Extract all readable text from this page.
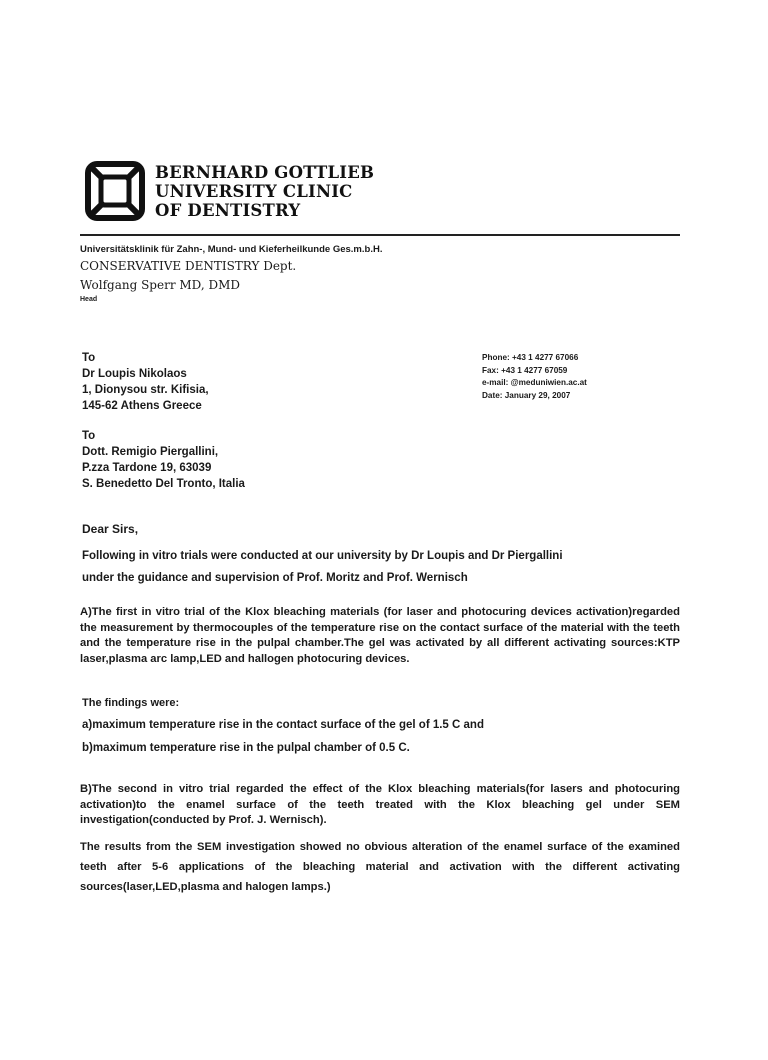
BERNHARD GOTTLIEB
UNIVERSITY CLINIC
OF DENTISTRY
Universitätsklinik für Zahn-, Mund- und Kieferheilkunde Ges.m.b.H.
CONSERVATIVE DENTISTRY Dept.
Wolfgang Sperr MD, DMD
Head
To
Dr Loupis Nikolaos
1, Dionysou str. Kifisia,
145-62 Athens Greece
Phone: +43 1 4277 67066
Fax: +43 1 4277 67059
e-mail: @meduniwien.ac.at
Date: January 29, 2007
To
Dott. Remigio Piergallini,
P.zza Tardone 19, 63039
S. Benedetto Del Tronto, Italia
Dear Sirs,
Following in vitro trials were conducted at our university by Dr Loupis and Dr Piergallini
under the guidance and supervision of Prof. Moritz and Prof. Wernisch
A)The first in vitro trial of the Klox bleaching materials (for laser and photocuring devices activation)regarded the measurement by thermocouples of the temperature rise on the contact surface of the material with the teeth and the temperature rise in the pulpal chamber.The gel was activated by all different activating sources:KTP laser,plasma arc lamp,LED and hallogen photocuring devices.
The findings were:
a)maximum temperature rise in the contact surface of the gel of 1.5 C and
b)maximum temperature rise in the pulpal chamber of 0.5 C.
B)The second in vitro trial regarded the effect of the Klox bleaching materials(for lasers and photocuring activation)to the enamel surface of the teeth treated with the Klox bleaching gel under SEM investigation(conducted by Prof. J. Wernisch).
The results from the SEM investigation showed no obvious alteration of the enamel surface of the examined teeth after 5-6 applications of the bleaching material and activation with the different activating sources(laser,LED,plasma and halogen lamps.)
